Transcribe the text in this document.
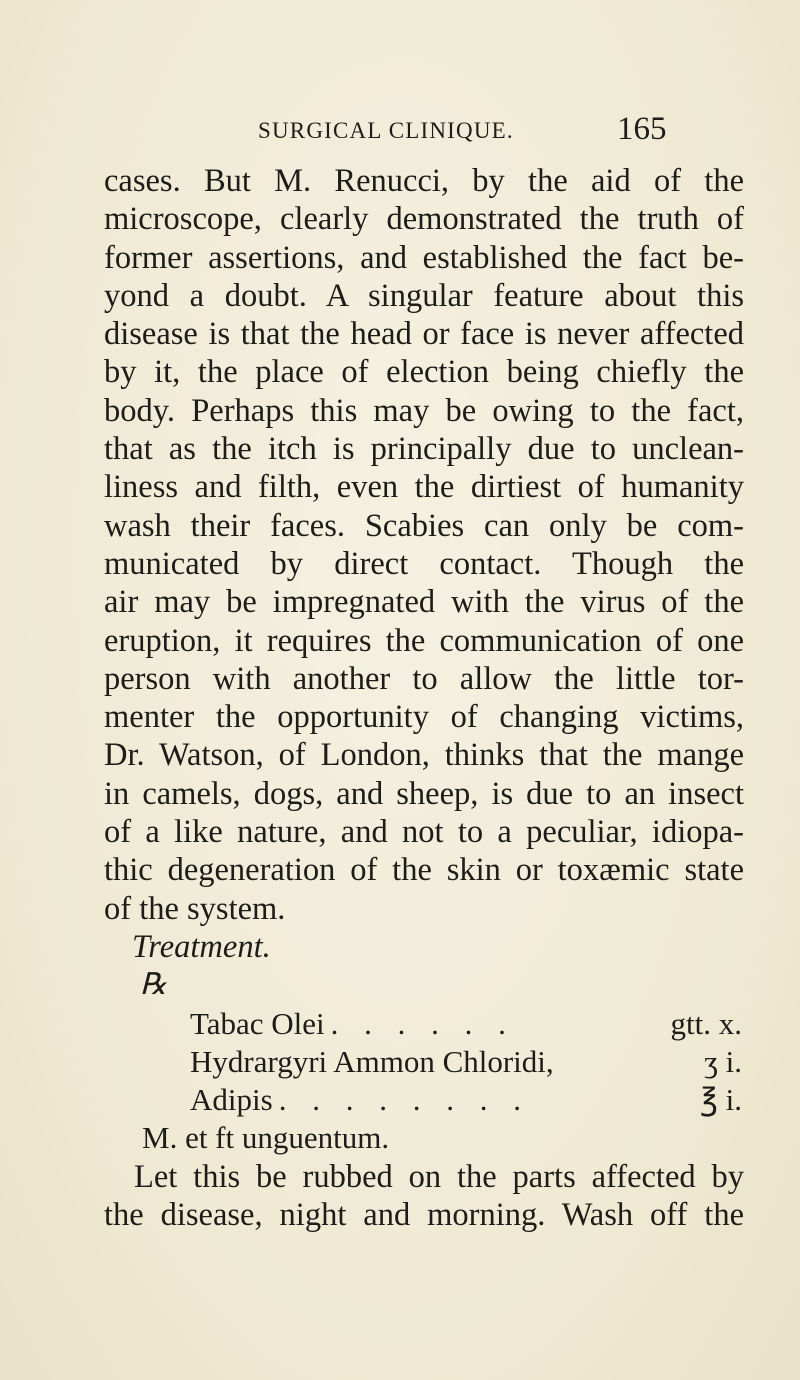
SURGICAL CLINIQUE.	165
cases. But M. Renucci, by the aid of the
microscope, clearly demonstrated the truth of
former assertions, and established the fact be-
yond a doubt. A singular feature about this
disease is that the head or face is never affected
by it, the place of election being chiefly the
body. Perhaps this may be owing to the fact,
that as the itch is principally due to unclean-
liness and filth, even the dirtiest of humanity
wash their faces. Scabies can only be com-
municated by direct contact. Though the
air may be impregnated with the virus of the
eruption, it requires the communication of one
person with another to allow the little tor-
menter the opportunity of changing victims,
Dr. Watson, of London, thinks that the mange
in camels, dogs, and sheep, is due to an insect
of a like nature, and not to a peculiar, idiopa-
thic degeneration of the skin or toxæmic state
of the system.
Treatment.
℞
Tabac Olei . . . . . .	gtt. x.
Hydrargyri Ammon Chloridi,	ʒ i.
Adipis . . . . . . . .	℥ i.
M. et ft unguentum.
Let this be rubbed on the parts affected by
the disease, night and morning. Wash off the
